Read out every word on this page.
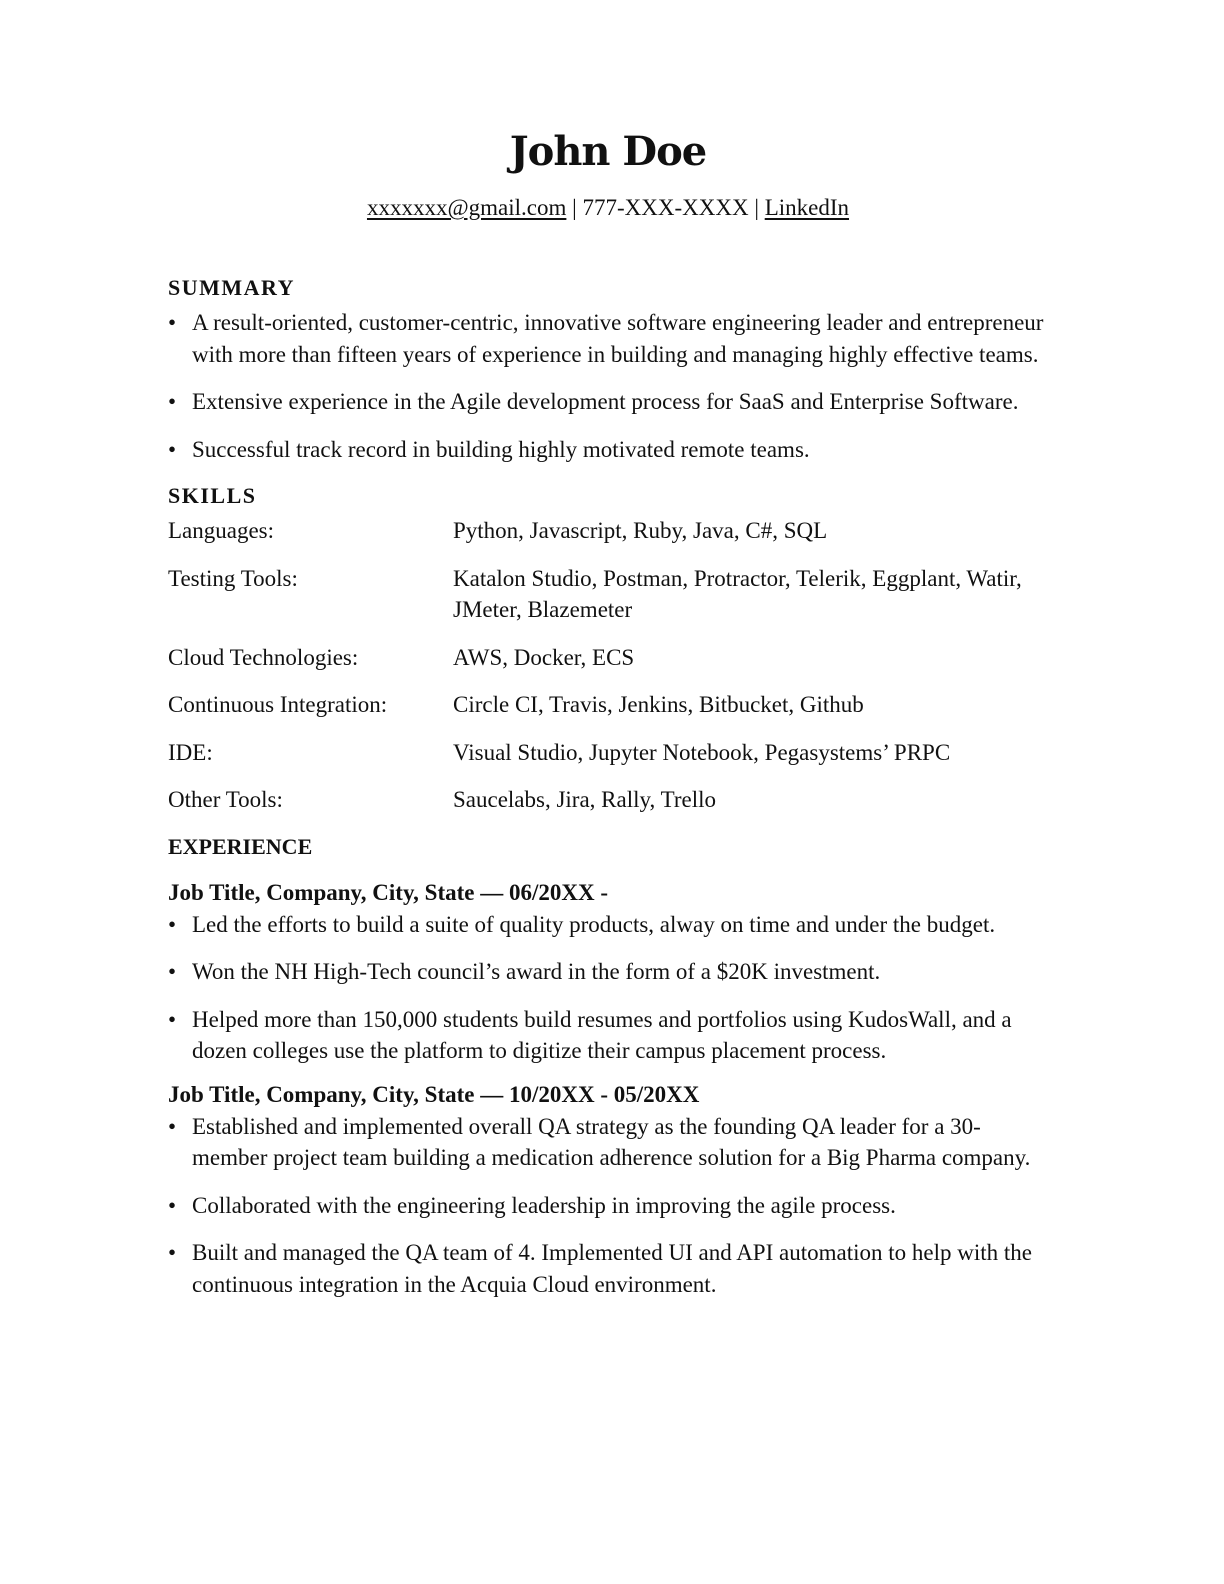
John Doe
xxxxxxx@gmail.com | 777-XXX-XXXX | LinkedIn
SUMMARY
• A result-oriented, customer-centric, innovative software engineering leader and entrepreneur with more than fifteen years of experience in building and managing highly effective teams.
• Extensive experience in the Agile development process for SaaS and Enterprise Software.
• Successful track record in building highly motivated remote teams.
SKILLS
Languages:	Python, Javascript, Ruby, Java, C#, SQL
Testing Tools:	Katalon Studio, Postman, Protractor, Telerik, Eggplant, Watir, JMeter, Blazemeter
Cloud Technologies:	AWS, Docker, ECS
Continuous Integration:	Circle CI, Travis, Jenkins, Bitbucket, Github
IDE:	Visual Studio, Jupyter Notebook, Pegasystems’ PRPC
Other Tools:	Saucelabs, Jira, Rally, Trello
EXPERIENCE
Job Title, Company, City, State — 06/20XX -
• Led the efforts to build a suite of quality products, alway on time and under the budget.
• Won the NH High-Tech council’s award in the form of a $20K investment.
• Helped more than 150,000 students build resumes and portfolios using KudosWall, and a dozen colleges use the platform to digitize their campus placement process.
Job Title, Company, City, State — 10/20XX - 05/20XX
• Established and implemented overall QA strategy as the founding QA leader for a 30-member project team building a medication adherence solution for a Big Pharma company.
• Collaborated with the engineering leadership in improving the agile process.
• Built and managed the QA team of 4. Implemented UI and API automation to help with the continuous integration in the Acquia Cloud environment.
